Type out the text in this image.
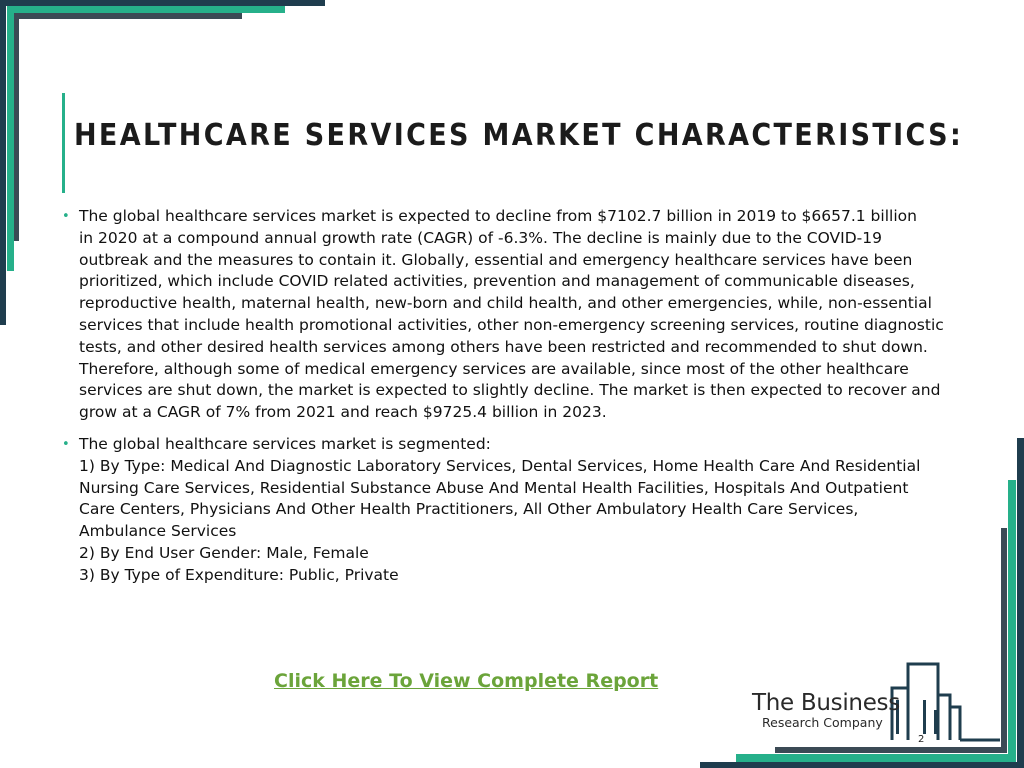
HEALTHCARE SERVICES MARKET CHARACTERISTICS:
• The global healthcare services market is expected to decline from $7102.7 billion in 2019 to $6657.1 billion
in 2020 at a compound annual growth rate (CAGR) of -6.3%. The decline is mainly due to the COVID-19
outbreak and the measures to contain it. Globally, essential and emergency healthcare services have been
prioritized, which include COVID related activities, prevention and management of communicable diseases,
reproductive health, maternal health, new-born and child health, and other emergencies, while, non-essential
services that include health promotional activities, other non-emergency screening services, routine diagnostic
tests, and other desired health services among others have been restricted and recommended to shut down.
Therefore, although some of medical emergency services are available, since most of the other healthcare
services are shut down, the market is expected to slightly decline. The market is then expected to recover and
grow at a CAGR of 7% from 2021 and reach $9725.4 billion in 2023.
• The global healthcare services market is segmented:
1) By Type: Medical And Diagnostic Laboratory Services, Dental Services, Home Health Care And Residential
Nursing Care Services, Residential Substance Abuse And Mental Health Facilities, Hospitals And Outpatient
Care Centers, Physicians And Other Health Practitioners, All Other Ambulatory Health Care Services,
Ambulance Services
2) By End User Gender: Male, Female
3) By Type of Expenditure: Public, Private
Click Here To View Complete Report
The Business
Research Company
2
